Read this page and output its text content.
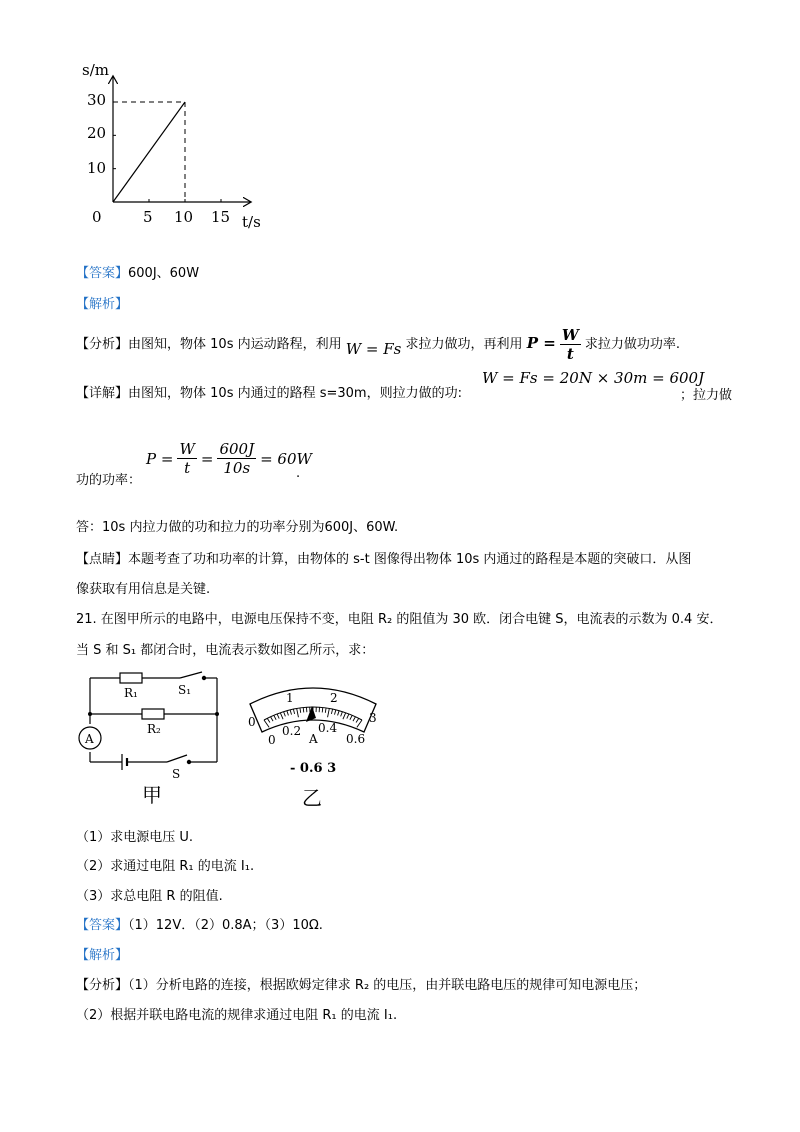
s/m
t/s
0
10
20
30
5 10 15
【答案】600J、60W
【解析】
【分析】由图知，物体 10s 内运动路程，利用 W = Fs 求拉力做功，再利用 $P = \frac{W}{t}$ 求拉力做功功率.
【详解】由图知，物体 10s 内通过的路程 s=30m，则拉力做的功:
W = Fs = 20N × 30m = 600J
；拉力做
功的功率：
$P = \frac{W}{t} = \frac{600J}{10s} = 60W$
.
答：10s 内拉力做的功和拉力的功率分别为600J、60W.
【点睛】本题考查了功和功率的计算，由物体的 s-t 图像得出物体 10s 内通过的路程是本题的突破口．从图
像获取有用信息是关键.
21. 在图甲所示的电路中，电源电压保持不变，电阻 R₂ 的阻值为 30 欧．闭合电键 S，电流表的示数为 0.4 安．
当 S 和 S₁ 都闭合时，电流表示数如图乙所示，求：
R₁	S₁
R₂
A
S
甲
0
1	2
3
0
0.2 0.4
0.6
A
- 0.6 3
乙
（1）求电源电压 U.
（2）求通过电阻 R₁ 的电流 I₁.
（3）求总电阻 R 的阻值.
【答案】（1）12V．（2）0.8A；（3）10Ω.
【解析】
【分析】（1）分析电路的连接，根据欧姆定律求 R₂ 的电压，由并联电路电压的规律可知电源电压；
（2）根据并联电路电流的规律求通过电阻 R₁ 的电流 I₁.
